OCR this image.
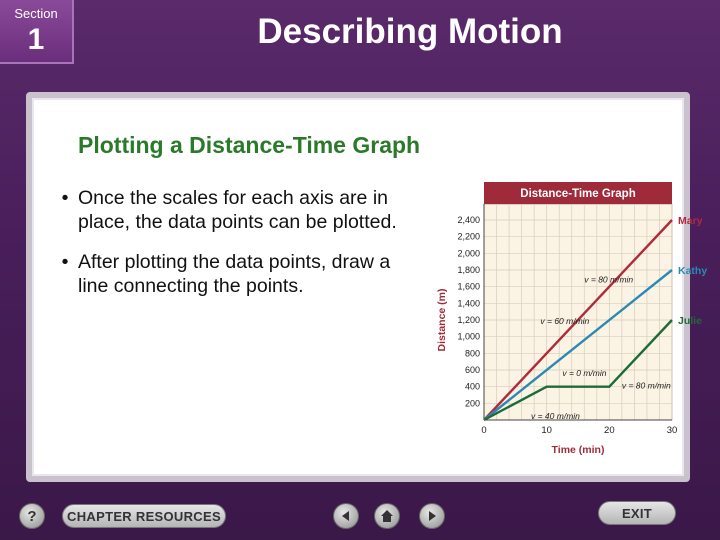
Section
1	Describing Motion
Plotting a Distance-Time Graph
• Once the scales for each axis are in place, the data points can be plotted.
• After plotting the data points, draw a line connecting the points.
Distance-Time Graph
200
400
600
800
1,000
1,200
1,400
1,600
1,800
2,000
2,200
2,400
0	10	20	30
Time (min)
Distance (m)
Mary
Kathy
Julie
v = 80 m/min
v = 60 m/min
v = 0 m/min
v = 80 m/min
v = 40 m/min
?	CHAPTER RESOURCES	EXIT
